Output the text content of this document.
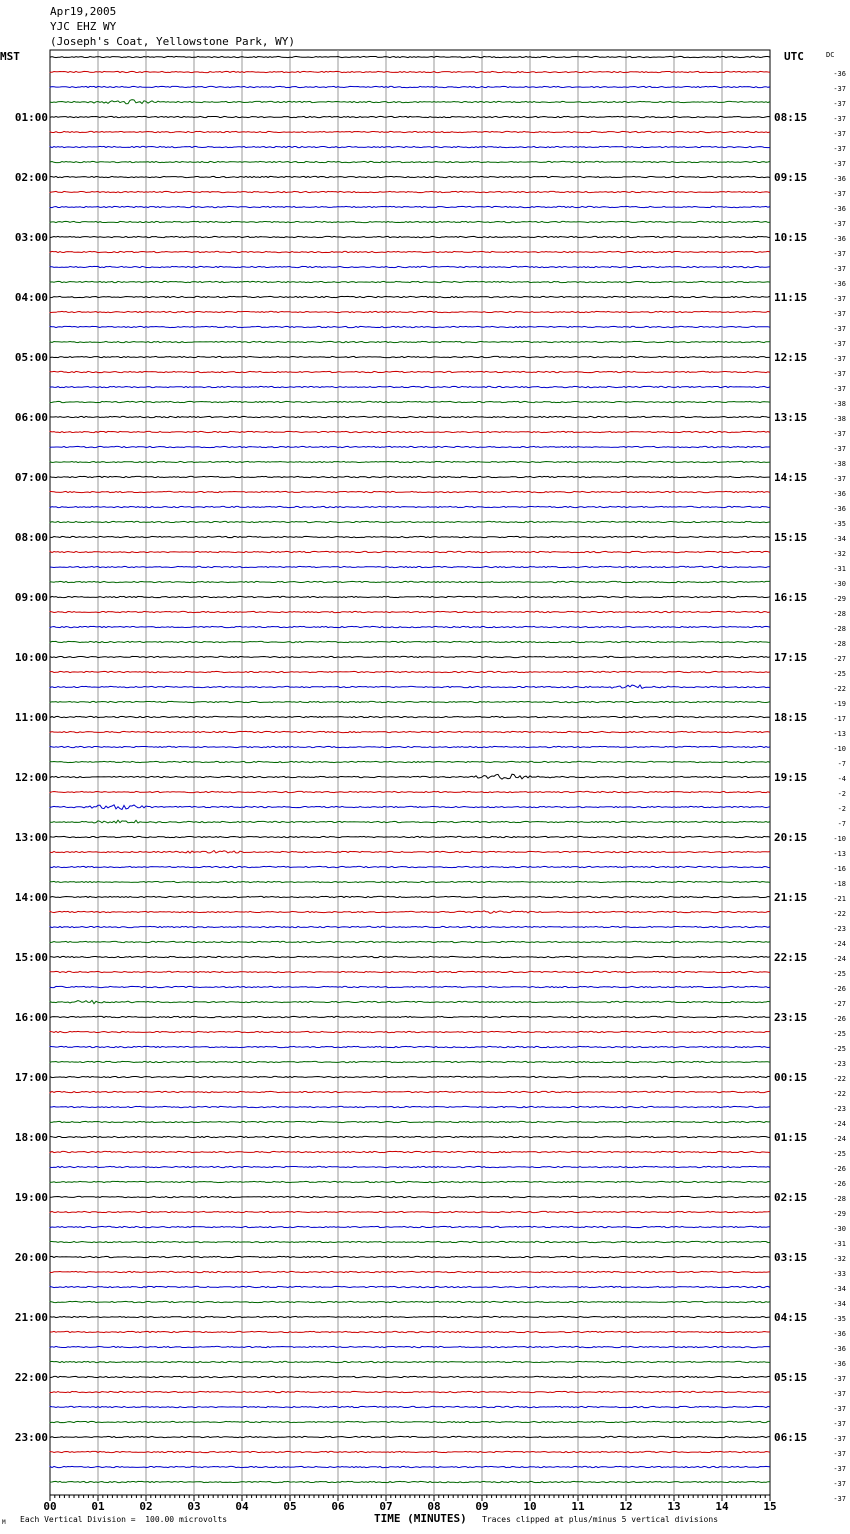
Apr19,2005
YJC EHZ WY
(Joseph's Coat, Yellowstone Park, WY)
MST	UTC
-36
-37
-37
-37
-37
-37
-37
-36
-37
-36
-37
-36
-37
-37
-36
-37
-37
-37
-37
-37
-37
-37
-38
-38
-37
-37
-38
-37
-36
-36
-35
-34
-32
-31
-30
-29
-28
-28
-28
-27
-25
-22
-19
-17
-13
-10
-7
-4
-2
-2
-7
-10
-13
-16
-18
-21
-22
-23
-24
-24
-25
-26
-27
-26
-25
-25
-23
-22
-22
-23
-24
-24
-25
-26
-26
-28
-29
-30
-31
-32
-33
-34
-34
-35
-36
-36
-36
-37
-37
-37
-37
-37
-37
-37
-37
-37
DC
01:00	08:15
02:00	09:15
03:00	10:15
04:00	11:15
05:00	12:15
06:00	13:15
07:00	14:15
08:00	15:15
09:00	16:15
10:00	17:15
11:00	18:15
12:00	19:15
13:00	20:15
14:00	21:15
15:00	22:15
16:00	23:15
17:00	00:15
18:00	01:15
19:00	02:15
20:00	03:15
21:00	04:15
22:00	05:15
23:00	06:15
00	01	02	03	04	05	06	07	08	09	10	11	12	13	14	15
TIME (MINUTES)
M Each Vertical Division =  100.00 microvolts	Traces clipped at plus/minus 5 vertical divisions
